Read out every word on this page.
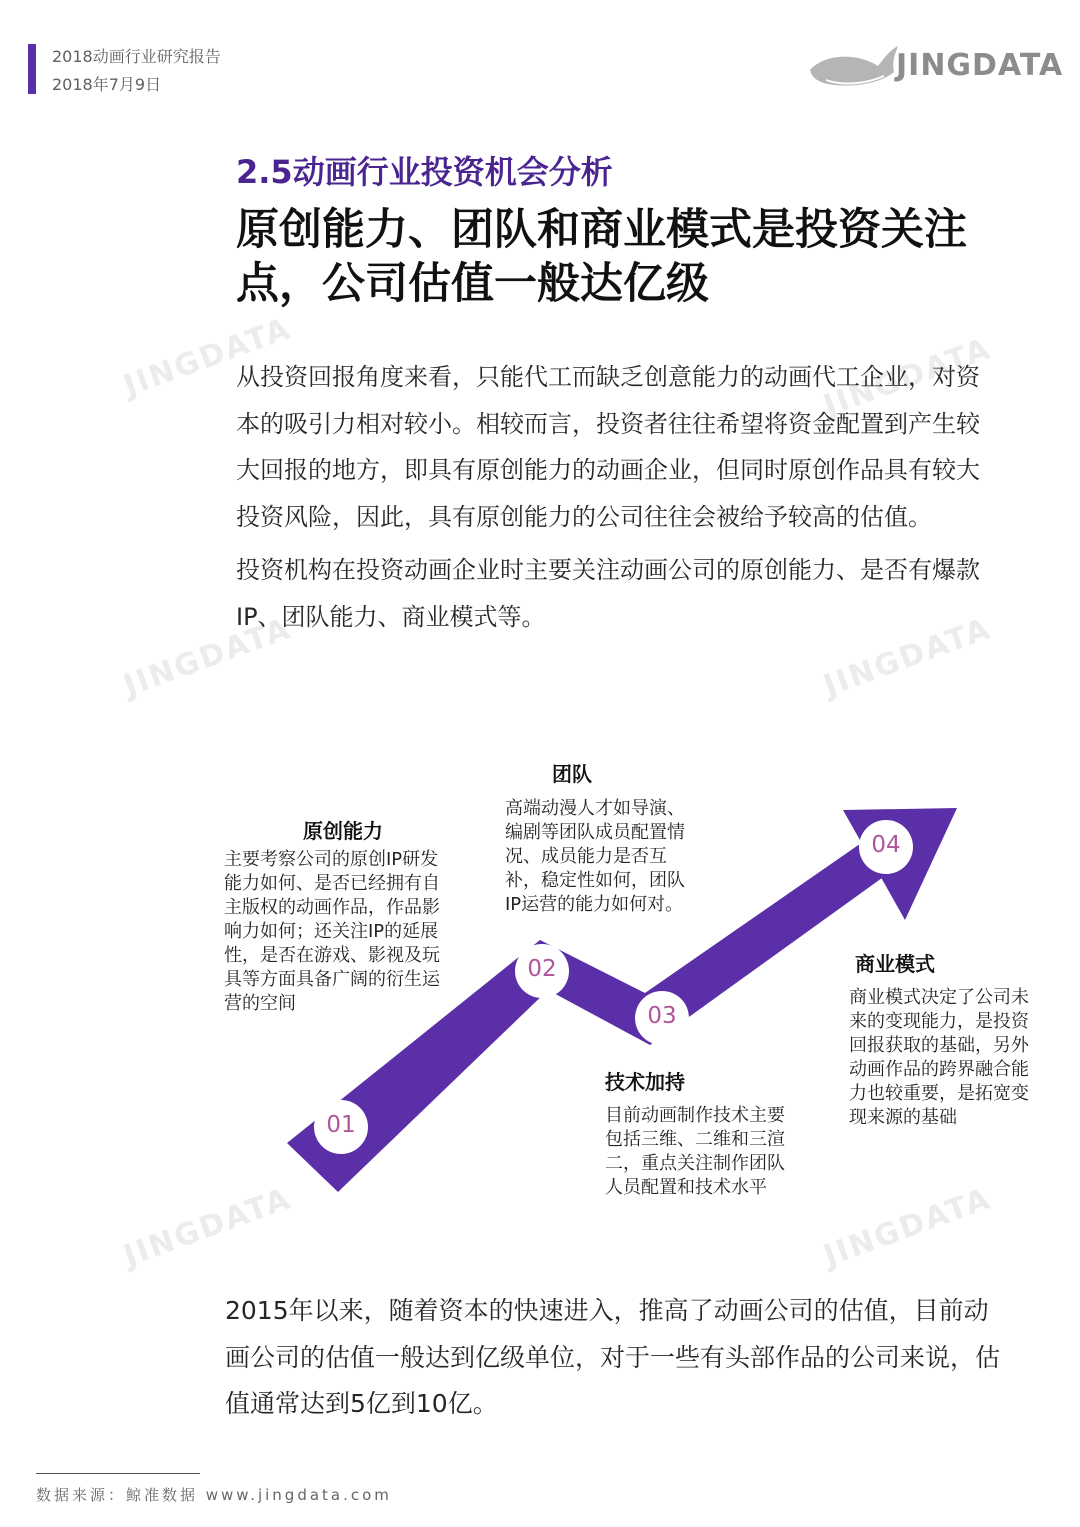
JINGDATA	JINGDATA
JINGDATA	JINGDATA
JINGDATA	JINGDATA
2018动画行业研究报告
2018年7月9日
JINGDATA
2.5动画行业投资机会分析
原创能力、团队和商业模式是投资关注
点，公司估值一般达亿级
从投资回报角度来看，只能代工而缺乏创意能力的动画代工企业，对资
本的吸引力相对较小。相较而言，投资者往往希望将资金配置到产生较
大回报的地方，即具有原创能力的动画企业，但同时原创作品具有较大
投资风险，因此，具有原创能力的公司往往会被给予较高的估值。
投资机构在投资动画企业时主要关注动画公司的原创能力、是否有爆款
IP、团队能力、商业模式等。
01
02
03
04
原创能力
主要考察公司的原创IP研发
能力如何、是否已经拥有自
主版权的动画作品，作品影
响力如何；还关注IP的延展
性，是否在游戏、影视及玩
具等方面具备广阔的衍生运
营的空间
团队
高端动漫人才如导演、
编剧等团队成员配置情
况、成员能力是否互
补，稳定性如何，团队
IP运营的能力如何对。
技术加持
目前动画制作技术主要
包括三维、二维和三渲
二，重点关注制作团队
人员配置和技术水平
商业模式
商业模式决定了公司未
来的变现能力，是投资
回报获取的基础，另外
动画作品的跨界融合能
力也较重要，是拓宽变
现来源的基础
2015年以来，随着资本的快速进入，推高了动画公司的估值，目前动
画公司的估值一般达到亿级单位，对于一些有头部作品的公司来说，估
值通常达到5亿到10亿。
数据来源：鲸准数据 www.jingdata.com
